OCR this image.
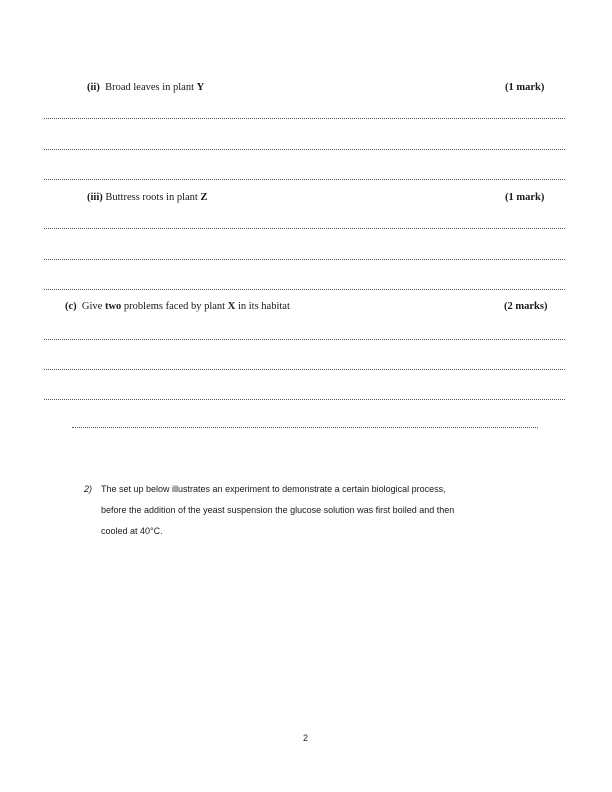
(ii) Broad leaves in plant Y	(1 mark)
(iii) Buttress roots in plant Z	(1 mark)
(c) Give two problems faced by plant X in its habitat	(2 marks)
2) The set up below illustrates an experiment to demonstrate a certain biological process,
before the addition of the yeast suspension the glucose solution was first boiled and then
cooled at 40°C.
2
